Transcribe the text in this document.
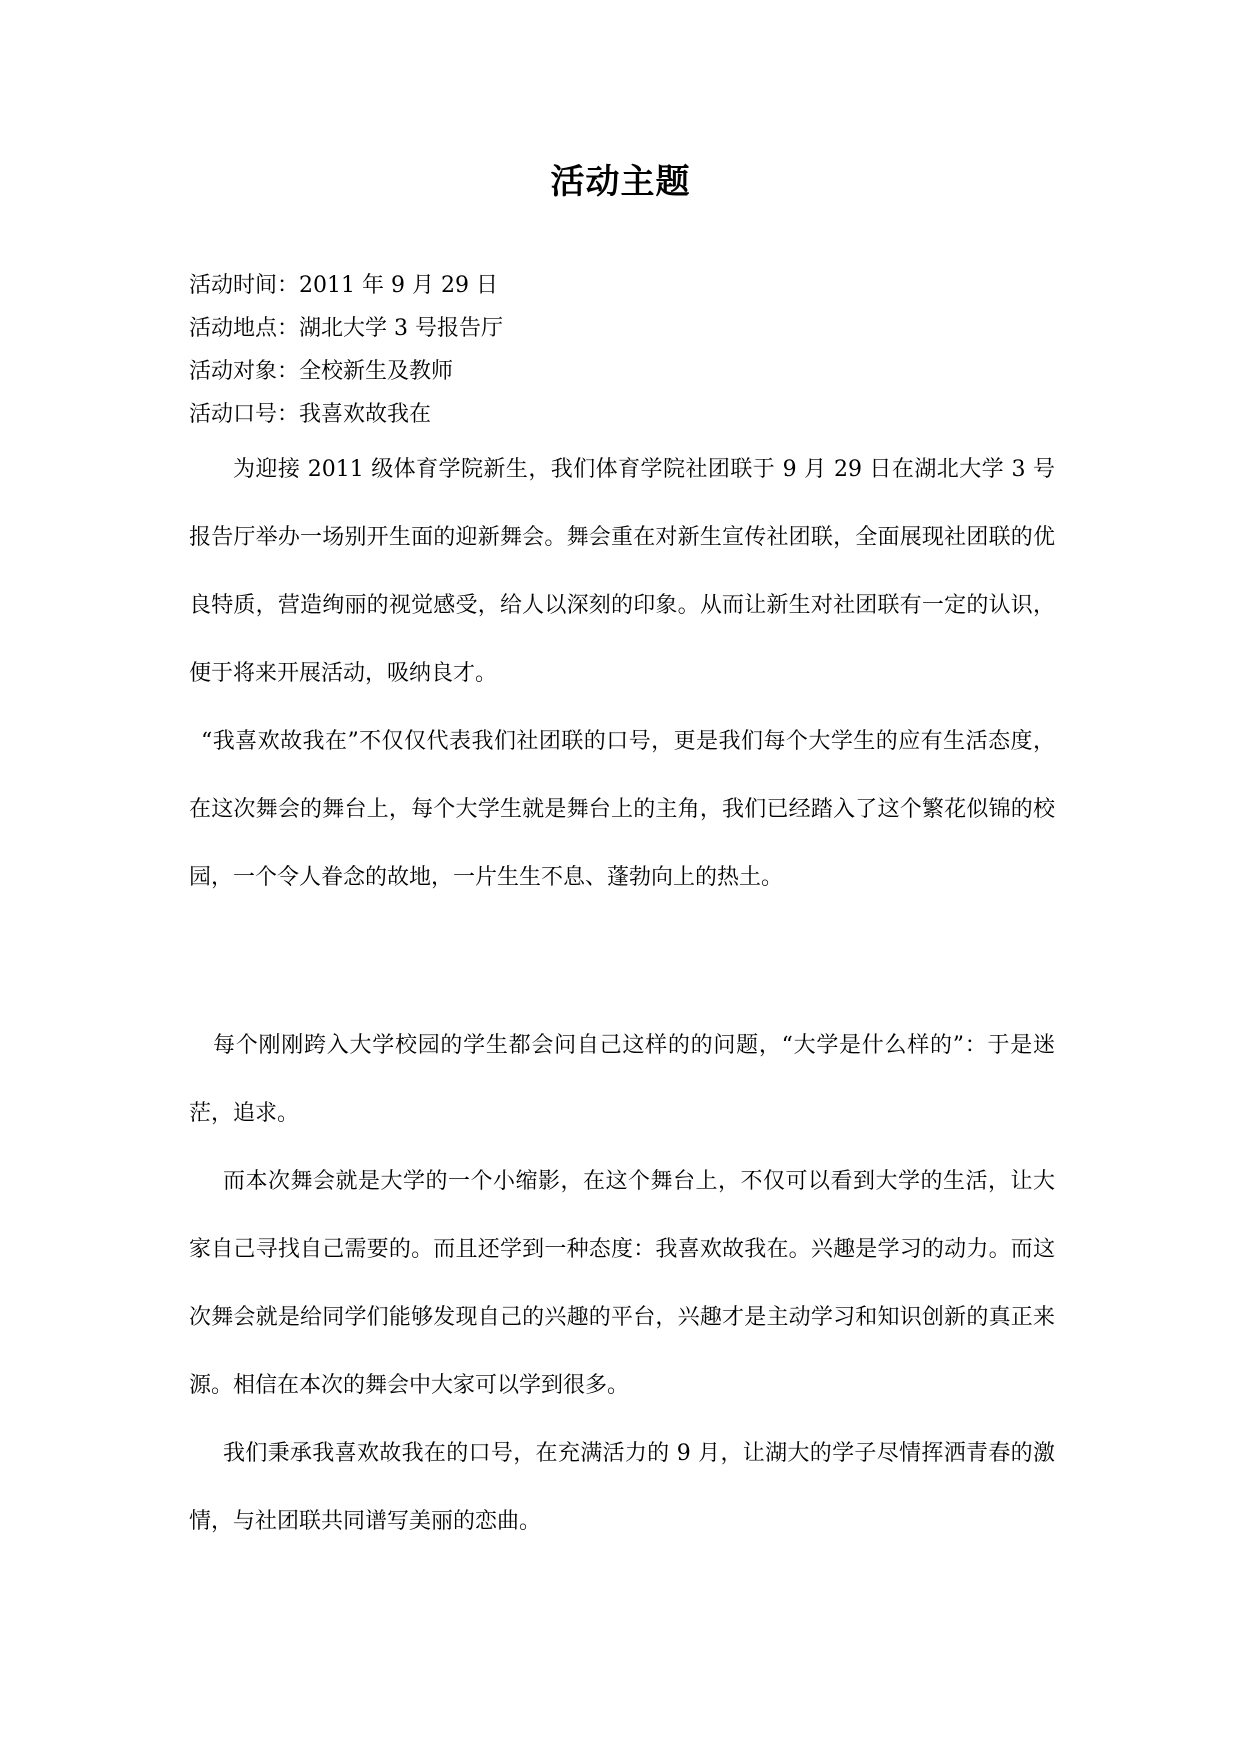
活动主题
活动时间：2011 年 9 月 29 日
活动地点：湖北大学 3 号报告厅
活动对象：全校新生及教师
活动口号：我喜欢故我在

为迎接 2011 级体育学院新生，我们体育学院社团联于 9 月 29 日在湖北大学 3 号报告厅举办一场别开生面的迎新舞会。舞会重在对新生宣传社团联，全面展现社团联的优良特质，营造绚丽的视觉感受，给人以深刻的印象。从而让新生对社团联有一定的认识，便于将来开展活动，吸纳良才。

“我喜欢故我在”不仅仅代表我们社团联的口号，更是我们每个大学生的应有生活态度，在这次舞会的舞台上，每个大学生就是舞台上的主角，我们已经踏入了这个繁花似锦的校园，一个令人眷念的故地，一片生生不息、蓬勃向上的热土。

每个刚刚跨入大学校园的学生都会问自己这样的的问题，“大学是什么样的”：于是迷茫，追求。

而本次舞会就是大学的一个小缩影，在这个舞台上，不仅可以看到大学的生活，让大家自己寻找自己需要的。而且还学到一种态度：我喜欢故我在。兴趣是学习的动力。而这次舞会就是给同学们能够发现自己的兴趣的平台，兴趣才是主动学习和知识创新的真正来源。相信在本次的舞会中大家可以学到很多。

我们秉承我喜欢故我在的口号，在充满活力的 9 月，让湖大的学子尽情挥洒青春的激情，与社团联共同谱写美丽的恋曲。
